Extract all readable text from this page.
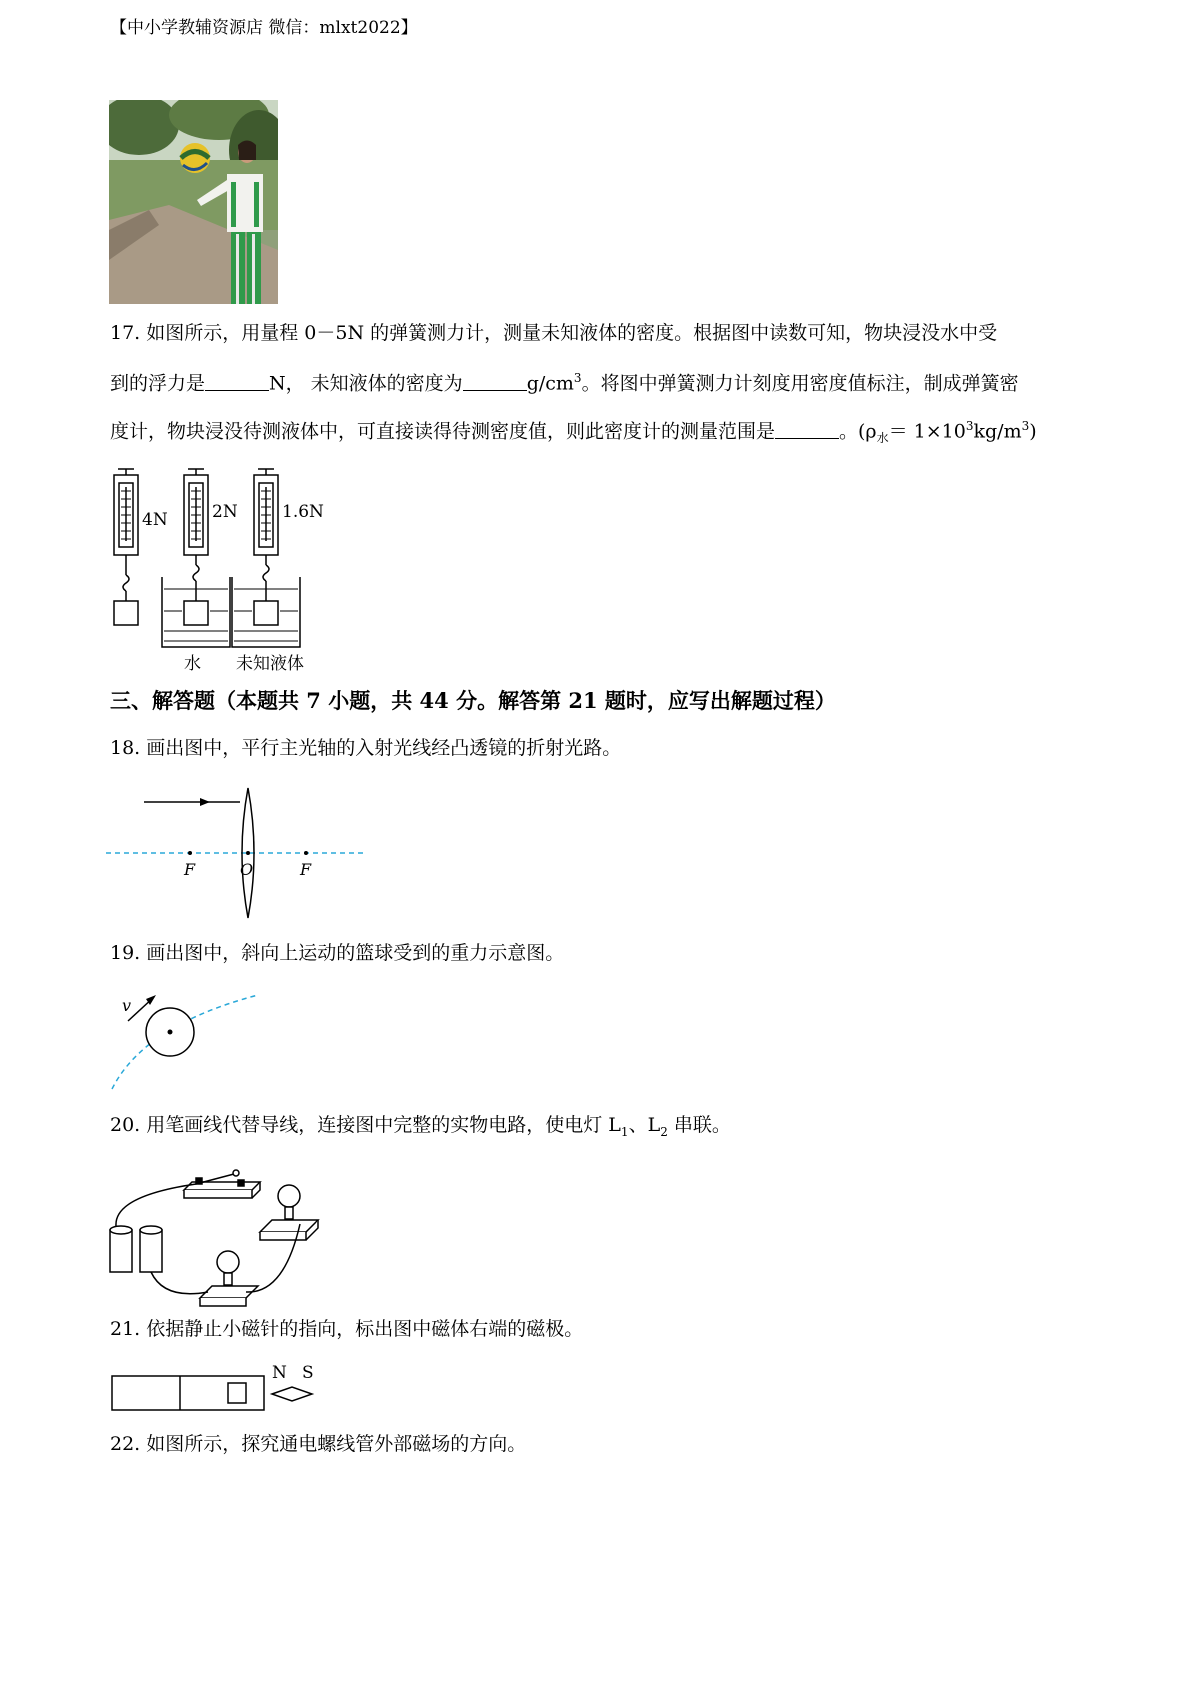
【中小学教辅资源店 微信：mlxt2022】
17. 如图所示，用量程 0－5N 的弹簧测力计，测量未知液体的密度。根据图中读数可知，物块浸没水中受
到的浮力是	N， 未知液体的密度为	$g/cm^3$。将图中弹簧测力计刻度用密度值标注，制成弹簧密
度计，物块浸没待测液体中，可直接读得待测密度值，则此密度计的测量范围是	。$(\rho_水= 1\times 10^3kg/m^3)$
4N	2N	1.6N
水 未知液体
三、解答题（本题共 7 小题，共 44 分。解答第 21 题时，应写出解题过程）
18. 画出图中，平行主光轴的入射光线经凸透镜的折射光路。
F	O	F
19. 画出图中，斜向上运动的篮球受到的重力示意图。
v
20. 用笔画线代替导线，连接图中完整的实物电路，使电灯 $L_1$、$L_2$ 串联。
21. 依据静止小磁针的指向，标出图中磁体右端的磁极。
N S
22. 如图所示，探究通电螺线管外部磁场的方向。
